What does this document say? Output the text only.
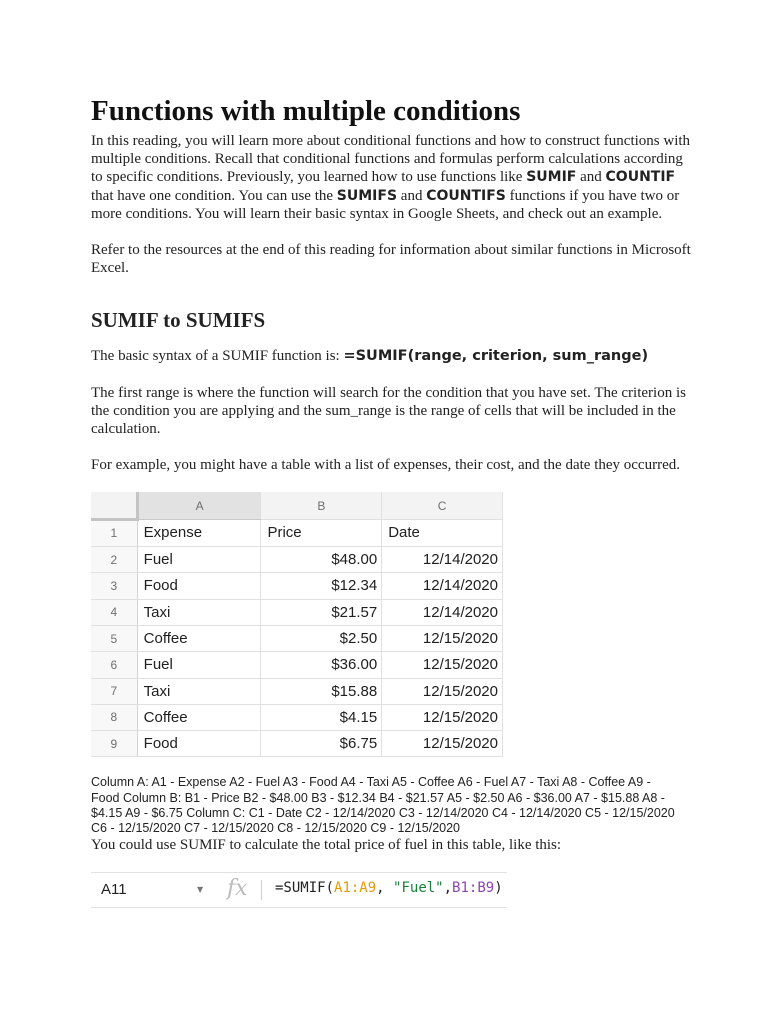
Functions with multiple conditions

In this reading, you will learn more about conditional functions and how to construct functions with multiple conditions. Recall that conditional functions and formulas perform calculations according to specific conditions. Previously, you learned how to use functions like SUMIF and COUNTIF that have one condition. You can use the SUMIFS and COUNTIFS functions if you have two or more conditions. You will learn their basic syntax in Google Sheets, and check out an example.

Refer to the resources at the end of this reading for information about similar functions in Microsoft Excel.

SUMIF to SUMIFS

The basic syntax of a SUMIF function is: =SUMIF(range, criterion, sum_range)

The first range is where the function will search for the condition that you have set. The criterion is the condition you are applying and the sum_range is the range of cells that will be included in the calculation.

For example, you might have a table with a list of expenses, their cost, and the date they occurred.

	A	B	C
1	Expense	Price	Date
2	Fuel	$48.00	12/14/2020
3	Food	$12.34	12/14/2020
4	Taxi	$21.57	12/14/2020
5	Coffee	$2.50	12/15/2020
6	Fuel	$36.00	12/15/2020
7	Taxi	$15.88	12/15/2020
8	Coffee	$4.15	12/15/2020
9	Food	$6.75	12/15/2020
Column A: A1 - Expense A2 - Fuel A3 - Food A4 - Taxi A5 - Coffee A6 - Fuel A7 - Taxi A8 - Coffee A9 - Food Column B: B1 - Price B2 - $48.00 B3 - $12.34 B4 - $21.57 A5 - $2.50 A6 - $36.00 A7 - $15.88 A8 - $4.15 A9 - $6.75 Column C: C1 - Date C2 - 12/14/2020 C3 - 12/14/2020 C4 - 12/14/2020 C5 - 12/15/2020 C6 - 12/15/2020 C7 - 12/15/2020 C8 - 12/15/2020 C9 - 12/15/2020

You could use SUMIF to calculate the total price of fuel in this table, like this:

A11	▼ fx =SUMIF(A1:A9, "Fuel",B1:B9)
